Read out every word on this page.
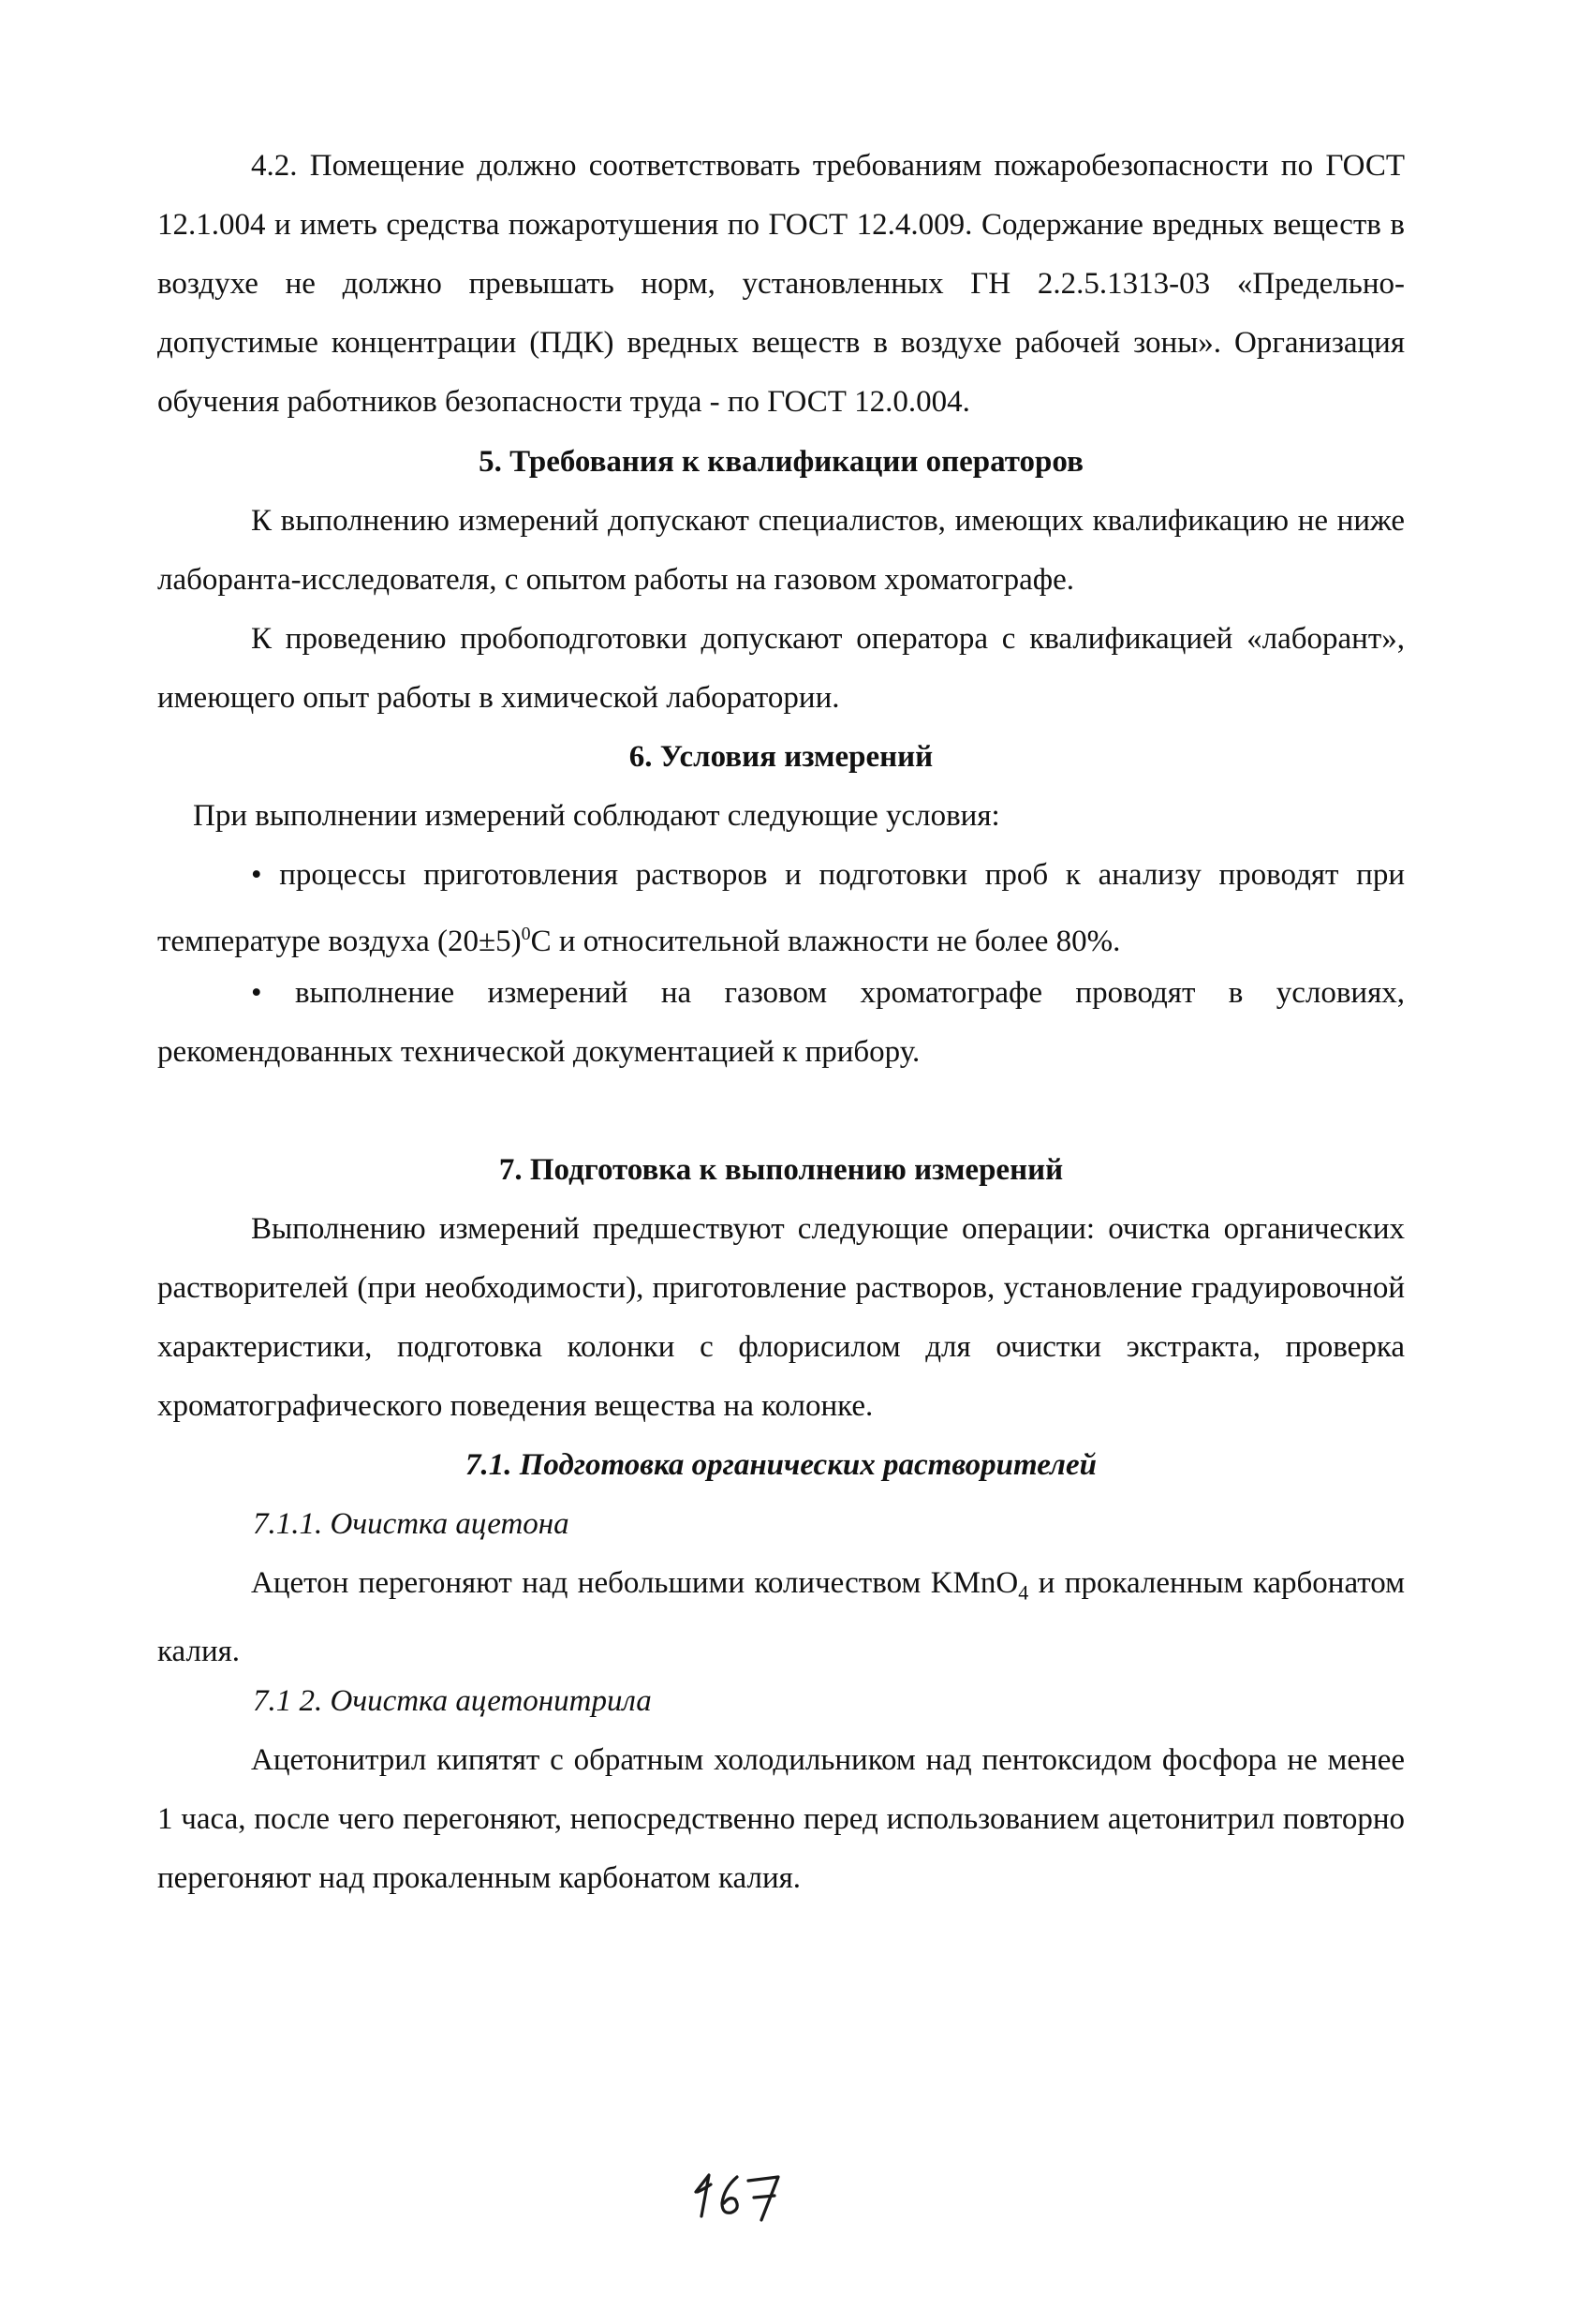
4.2. Помещение должно соответствовать требованиям пожаробезопасности по ГОСТ 12.1.004 и иметь средства пожаротушения по ГОСТ 12.4.009. Содержание вредных веществ в воздухе не должно превышать норм, установленных ГН 2.2.5.1313-03 «Предельно-допустимые концентрации (ПДК) вредных веществ в воздухе рабочей зоны». Организация обучения работников безопасности труда - по ГОСТ 12.0.004.

5. Требования к квалификации операторов

К выполнению измерений допускают специалистов, имеющих квалификацию не ниже лаборанта-исследователя, с опытом работы на газовом хроматографе.

К проведению пробоподготовки допускают оператора с квалификацией «лаборант», имеющего опыт работы в химической лаборатории.

6. Условия измерений

При выполнении измерений соблюдают следующие условия:

• процессы приготовления растворов и подготовки проб к анализу проводят при температуре воздуха $(20\pm 5)^0С$ и относительной влажности не более 80%.

• выполнение измерений на газовом хроматографе проводят в условиях, рекомендованных технической документацией к прибору.

7. Подготовка к выполнению измерений

Выполнению измерений предшествуют следующие операции: очистка органических растворителей (при необходимости), приготовление растворов, установление градуировочной характеристики, подготовка колонки с флорисилом для очистки экстракта, проверка хроматографического поведения вещества на колонке.

7.1. Подготовка органических растворителей

7.1.1. Очистка ацетона

Ацетон перегоняют над небольшими количеством KMnO$_4$ и прокаленным карбонатом калия.

7.1 2. Очистка ацетонитрила

Ацетонитрил кипятят с обратным холодильником над пентоксидом фосфора не менее 1 часа, после чего перегоняют, непосредственно перед использованием ацетонитрил повторно перегоняют над прокаленным карбонатом калия.
